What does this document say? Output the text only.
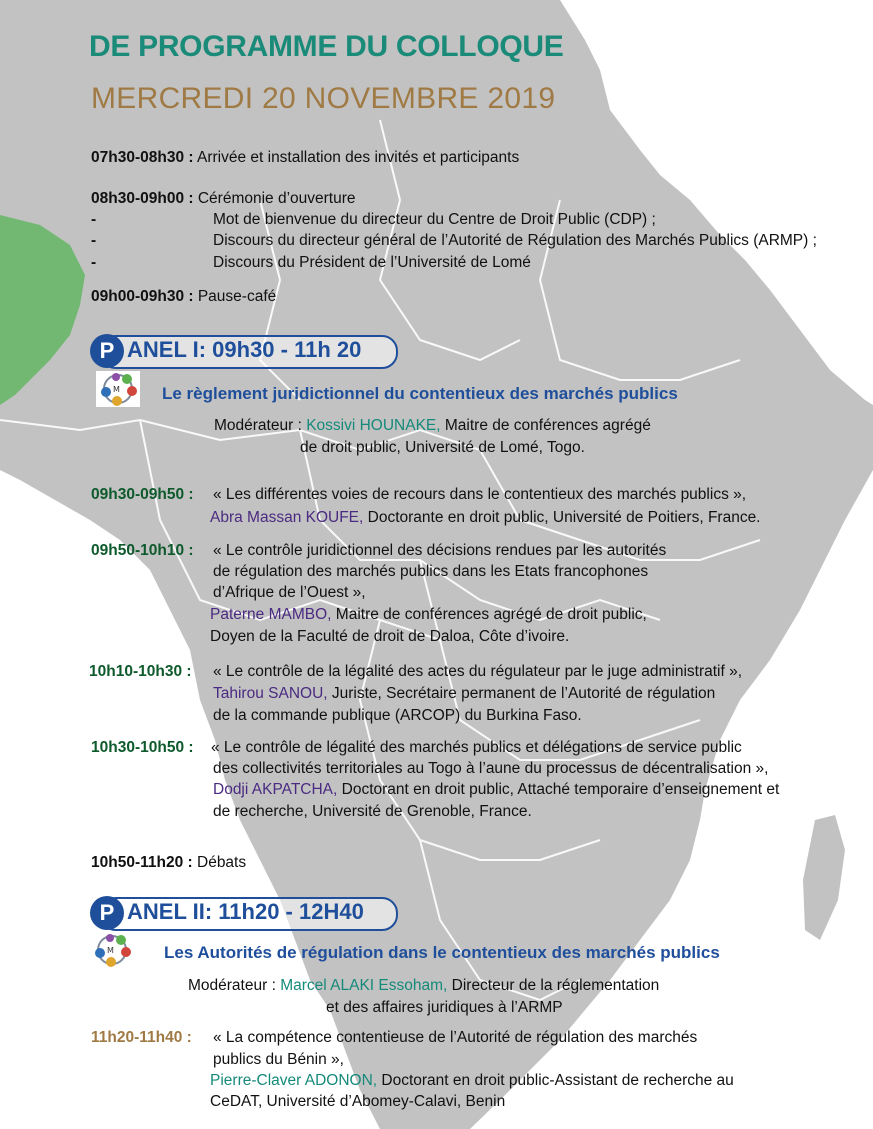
DE PROGRAMME DU COLLOQUE
MERCREDI 20 NOVEMBRE 2019
07h30-08h30 : Arrivée et installation des invités et participants
08h30-09h00 : Cérémonie d’ouverture
-	Mot de bienvenue du directeur du Centre de Droit Public (CDP) ;
-	Discours du directeur général de l’Autorité de Régulation des Marchés Publics (ARMP) ;
-	Discours du Président de l’Université de Lomé
09h00-09h30 : Pause-café
P ANEL I: 09h30 - 11h 20
M Le règlement juridictionnel du contentieux des marchés publics
Modérateur : Kossivi HOUNAKE, Maitre de conférences agrégé
de droit public, Université de Lomé, Togo.
09h30-09h50 : « Les différentes voies de recours dans le contentieux des marchés publics »,
Abra Massan KOUFE, Doctorante en droit public, Université de Poitiers, France.
09h50-10h10 : « Le contrôle juridictionnel des décisions rendues par les autorités
de régulation des marchés publics dans les Etats francophones
d’Afrique de l’Ouest »,
Paterne MAMBO, Maitre de conférences agrégé de droit public,
Doyen de la Faculté de droit de Daloa, Côte d’ivoire.
10h10-10h30 : « Le contrôle de la légalité des actes du régulateur par le juge administratif »,
Tahirou SANOU, Juriste, Secrétaire permanent de l’Autorité de régulation
de la commande publique (ARCOP) du Burkina Faso.
10h30-10h50 : « Le contrôle de légalité des marchés publics et délégations de service public
des collectivités territoriales au Togo à l’aune du processus de décentralisation »,
Dodji AKPATCHA, Doctorant en droit public, Attaché temporaire d’enseignement et
de recherche, Université de Grenoble, France.
10h50-11h20 : Débats
P ANEL II: 11h20 - 12H40
M	Les Autorités de régulation dans le contentieux des marchés publics
Modérateur : Marcel ALAKI Essoham, Directeur de la réglementation
et des affaires juridiques à l’ARMP
11h20-11h40 : « La compétence contentieuse de l’Autorité de régulation des marchés
publics du Bénin »,
Pierre-Claver ADONON, Doctorant en droit public-Assistant de recherche au
CeDAT, Université d’Abomey-Calavi, Benin
